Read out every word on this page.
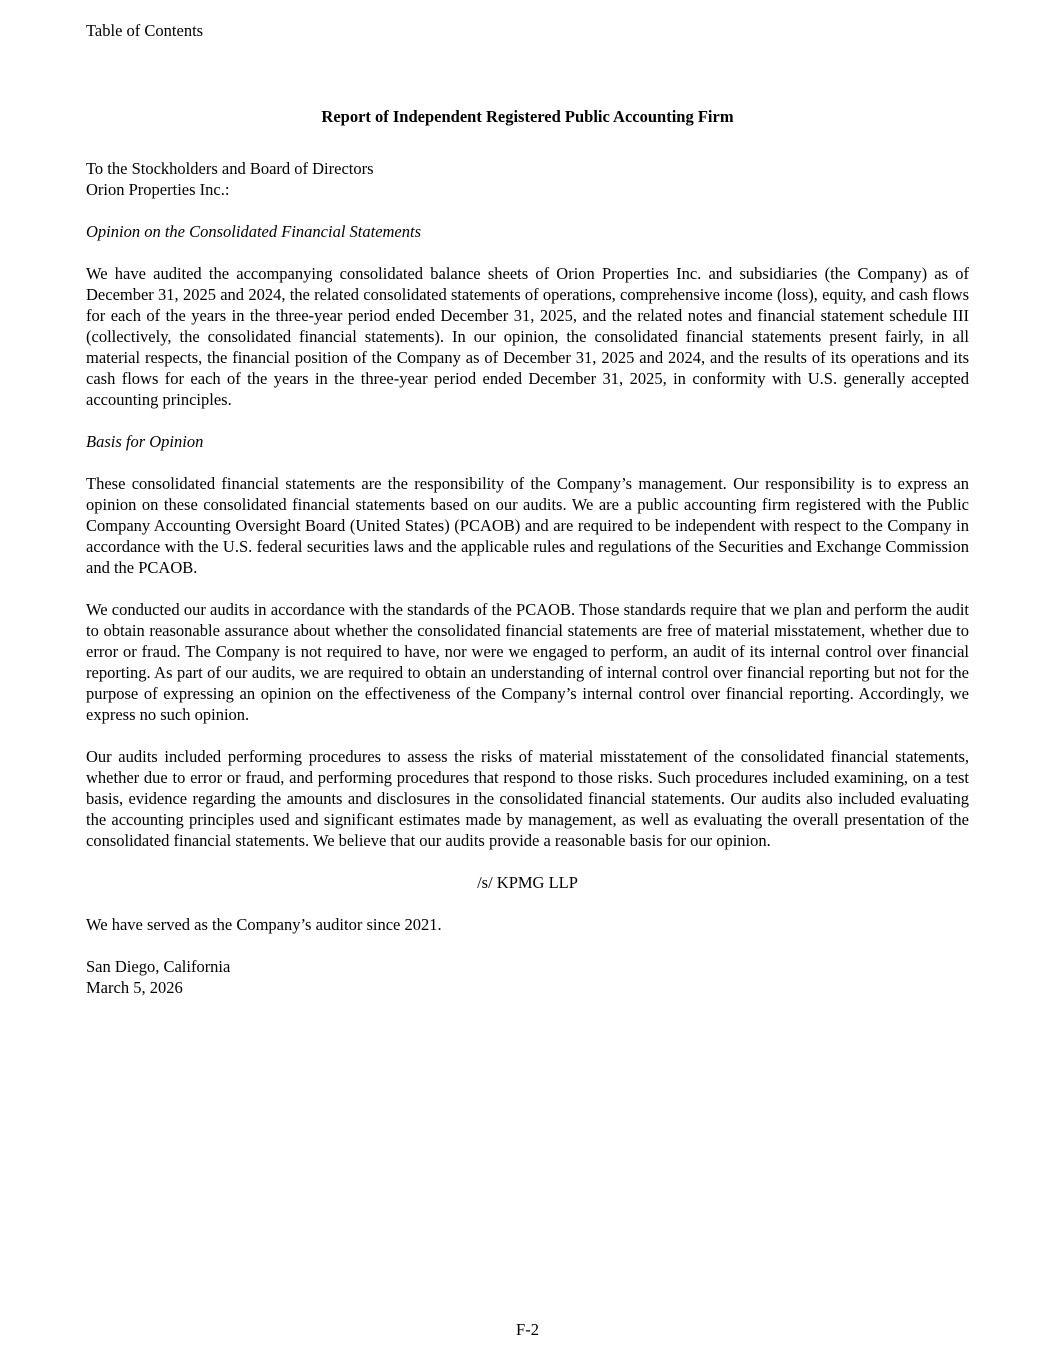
Table of Contents
Report of Independent Registered Public Accounting Firm
To the Stockholders and Board of Directors
Orion Properties Inc.:
Opinion on the Consolidated Financial Statements

We have audited the accompanying consolidated balance sheets of Orion Properties Inc. and subsidiaries (the Company) as of December 31, 2025 and 2024, the related consolidated statements of operations, comprehensive income (loss), equity, and cash flows for each of the years in the three-year period ended December 31, 2025, and the related notes and financial statement schedule III (collectively, the consolidated financial statements). In our opinion, the consolidated financial statements present fairly, in all material respects, the financial position of the Company as of December 31, 2025 and 2024, and the results of its operations and its cash flows for each of the years in the three-year period ended December 31, 2025, in conformity with U.S. generally accepted accounting principles.

Basis for Opinion

These consolidated financial statements are the responsibility of the Company’s management. Our responsibility is to express an opinion on these consolidated financial statements based on our audits. We are a public accounting firm registered with the Public Company Accounting Oversight Board (United States) (PCAOB) and are required to be independent with respect to the Company in accordance with the U.S. federal securities laws and the applicable rules and regulations of the Securities and Exchange Commission and the PCAOB.

We conducted our audits in accordance with the standards of the PCAOB. Those standards require that we plan and perform the audit to obtain reasonable assurance about whether the consolidated financial statements are free of material misstatement, whether due to error or fraud. The Company is not required to have, nor were we engaged to perform, an audit of its internal control over financial reporting. As part of our audits, we are required to obtain an understanding of internal control over financial reporting but not for the purpose of expressing an opinion on the effectiveness of the Company’s internal control over financial reporting. Accordingly, we express no such opinion.

Our audits included performing procedures to assess the risks of material misstatement of the consolidated financial statements, whether due to error or fraud, and performing procedures that respond to those risks. Such procedures included examining, on a test basis, evidence regarding the amounts and disclosures in the consolidated financial statements. Our audits also included evaluating the accounting principles used and significant estimates made by management, as well as evaluating the overall presentation of the consolidated financial statements. We believe that our audits provide a reasonable basis for our opinion.

/s/ KPMG LLP
We have served as the Company’s auditor since 2021.
San Diego, California
March 5, 2026
F-2
